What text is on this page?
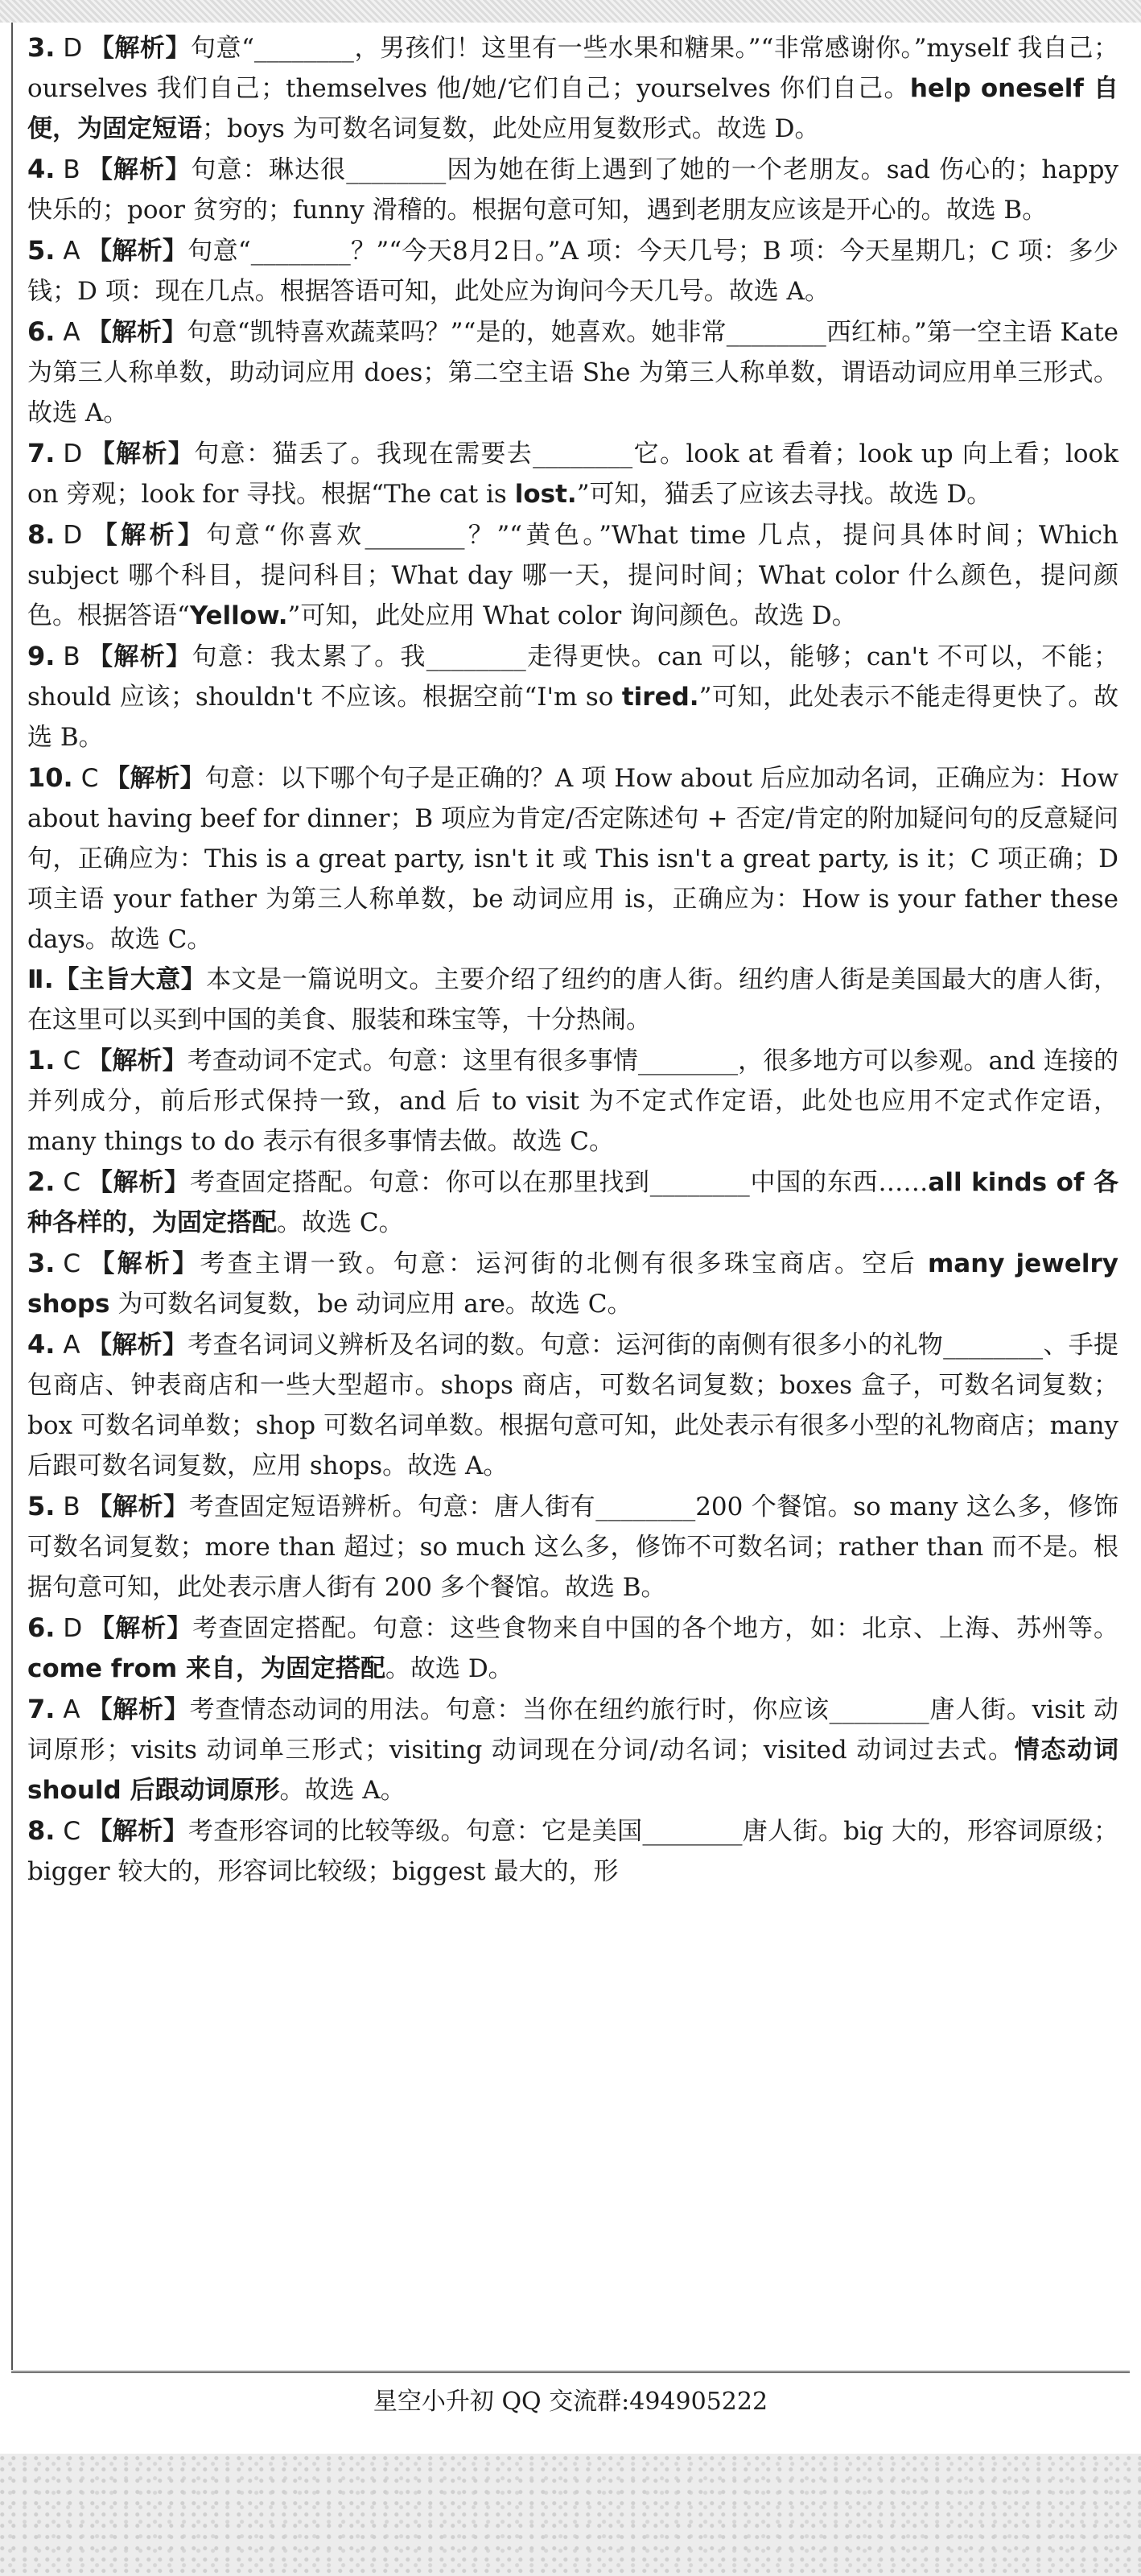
3. D 【解析】句意“________，男孩们！这里有一些水果和糖果。”“非常感谢你。”myself 我自己；ourselves 我们自己；themselves 他/她/它们自己；yourselves 你们自己。help oneself 自便，为固定短语；boys 为可数名词复数，此处应用复数形式。故选 D。

4. B 【解析】句意：琳达很________因为她在街上遇到了她的一个老朋友。sad 伤心的；happy 快乐的；poor 贫穷的；funny 滑稽的。根据句意可知，遇到老朋友应该是开心的。故选 B。

5. A 【解析】句意“________？”“今天8月2日。”A 项：今天几号；B 项：今天星期几；C 项：多少钱；D 项：现在几点。根据答语可知，此处应为询问今天几号。故选 A。

6. A 【解析】句意“凯特喜欢蔬菜吗？”“是的，她喜欢。她非常________西红柿。”第一空主语 Kate 为第三人称单数，助动词应用 does；第二空主语 She 为第三人称单数，谓语动词应用单三形式。故选 A。

7. D 【解析】句意：猫丢了。我现在需要去________它。look at 看着；look up 向上看；look on 旁观；look for 寻找。根据“The cat is lost.”可知，猫丢了应该去寻找。故选 D。

8. D 【解析】句意“你喜欢________？”“黄色。”What time 几点，提问具体时间；Which subject 哪个科目，提问科目；What day 哪一天，提问时间；What color 什么颜色，提问颜色。根据答语“Yellow.”可知，此处应用 What color 询问颜色。故选 D。

9. B 【解析】句意：我太累了。我________走得更快。can 可以，能够；can't 不可以，不能；should 应该；shouldn't 不应该。根据空前“I'm so tired.”可知，此处表示不能走得更快了。故选 B。

10. C 【解析】句意：以下哪个句子是正确的？A 项 How about 后应加动名词，正确应为：How about having beef for dinner；B 项应为肯定/否定陈述句 + 否定/肯定的附加疑问句的反意疑问句，正确应为：This is a great party, isn't it 或 This isn't a great party, is it；C 项正确；D 项主语 your father 为第三人称单数，be 动词应用 is，正确应为：How is your father these days。故选 C。

Ⅱ.【主旨大意】本文是一篇说明文。主要介绍了纽约的唐人街。纽约唐人街是美国最大的唐人街，在这里可以买到中国的美食、服装和珠宝等，十分热闹。

1. C 【解析】考查动词不定式。句意：这里有很多事情________，很多地方可以参观。and 连接的并列成分，前后形式保持一致，and 后 to visit 为不定式作定语，此处也应用不定式作定语，many things to do 表示有很多事情去做。故选 C。

2. C 【解析】考查固定搭配。句意：你可以在那里找到________中国的东西……all kinds of 各种各样的，为固定搭配。故选 C。

3. C 【解析】考查主谓一致。句意：运河街的北侧有很多珠宝商店。空后 many jewelry shops 为可数名词复数，be 动词应用 are。故选 C。

4. A 【解析】考查名词词义辨析及名词的数。句意：运河街的南侧有很多小的礼物________、手提包商店、钟表商店和一些大型超市。shops 商店，可数名词复数；boxes 盒子，可数名词复数；box 可数名词单数；shop 可数名词单数。根据句意可知，此处表示有很多小型的礼物商店；many 后跟可数名词复数，应用 shops。故选 A。

5. B 【解析】考查固定短语辨析。句意：唐人街有________200 个餐馆。so many 这么多，修饰可数名词复数；more than 超过；so much 这么多，修饰不可数名词；rather than 而不是。根据句意可知，此处表示唐人街有 200 多个餐馆。故选 B。

6. D 【解析】考查固定搭配。句意：这些食物来自中国的各个地方，如：北京、上海、苏州等。come from 来自，为固定搭配。故选 D。

7. A 【解析】考查情态动词的用法。句意：当你在纽约旅行时，你应该________唐人街。visit 动词原形；visits 动词单三形式；visiting 动词现在分词/动名词；visited 动词过去式。情态动词 should 后跟动词原形。故选 A。

8. C 【解析】考查形容词的比较等级。句意：它是美国________唐人街。big 大的，形容词原级；bigger 较大的，形容词比较级；biggest 最大的，形

星空小升初 QQ 交流群:494905222
